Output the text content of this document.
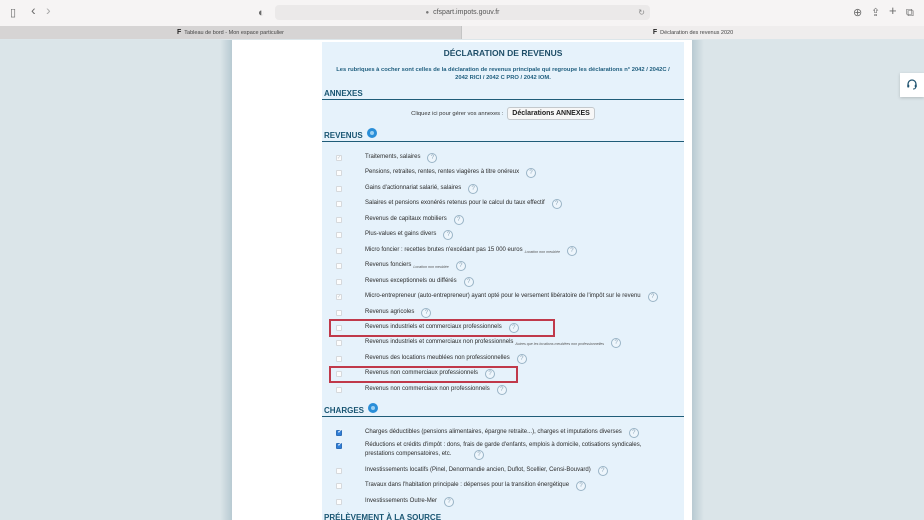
▯ ‹ ›	◐	● cfspart.impots.gouv.fr	↻	⊕ ⇪ + ⧉
F Tableau de bord - Mon espace particulier	F Déclaration des revenus 2020
DÉCLARATION DE REVENUS
Les rubriques à cocher sont celles de la déclaration de revenus principale qui regroupe les déclarations n° 2042 / 2042C / 2042 RICI / 2042 C PRO / 2042 IOM.
ANNEXES
Cliquez ici pour gérer vos annexes :	Déclarations ANNEXES
REVENUS
✓
Traitements, salaires	?
Pensions, retraites, rentes, rentes viagères à titre onéreux	?
Gains d'actionnariat salarié, salaires	?
Salaires et pensions exonérés retenus pour le calcul du taux effectif	?
Revenus de capitaux mobiliers	?
Plus-values et gains divers	?
Micro foncier : recettes brutes n'excédant pas 15 000 euros Location non meublée	?
Revenus fonciers Location non meublée	?
Revenus exceptionnels ou différés	?
✓
Micro-entrepreneur (auto-entrepreneur) ayant opté pour le versement libératoire de l'impôt sur le revenu	?
Revenus agricoles	?
Revenus industriels et commerciaux professionnels	?
Revenus industriels et commerciaux non professionnels Autres que les locations meublées non professionnelles	?
Revenus des locations meublées non professionnelles	?
Revenus non commerciaux professionnels	?
Revenus non commerciaux non professionnels	?
CHARGES
✓
Charges déductibles (pensions alimentaires, épargne retraite...), charges et imputations diverses	?
✓
Réductions et crédits d'impôt : dons, frais de garde d'enfants, emplois à domicile, cotisations syndicales, prestations compensatoires, etc.	?
Investissements locatifs (Pinel, Denormandie ancien, Duflot, Scellier, Censi-Bouvard)	?
Travaux dans l'habitation principale : dépenses pour la transition énergétique	?
Investissements Outre-Mer	?
PRÉLÈVEMENT À LA SOURCE
